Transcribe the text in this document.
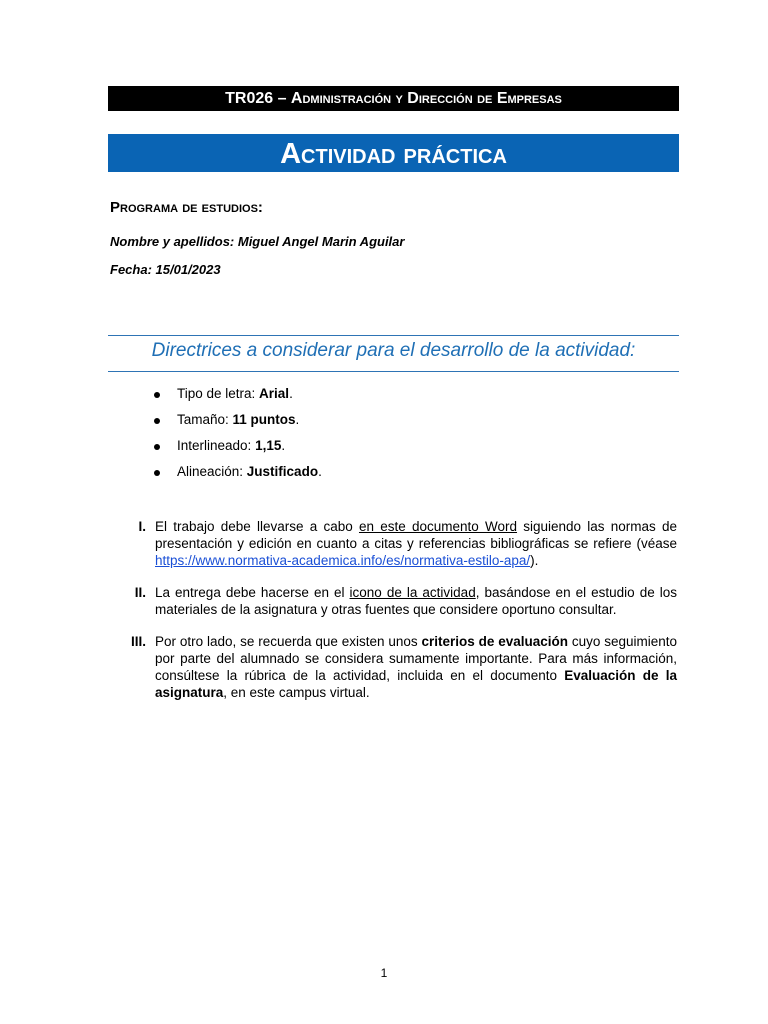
TR026 – Administración y Dirección de Empresas
Actividad práctica
Programa de estudios:
Nombre y apellidos: Miguel Angel Marin Aguilar
Fecha: 15/01/2023
Directrices a considerar para el desarrollo de la actividad:
Tipo de letra: Arial.
Tamaño: 11 puntos.
Interlineado: 1,15.
Alineación: Justificado.
I. El trabajo debe llevarse a cabo en este documento Word siguiendo las normas de presentación y edición en cuanto a citas y referencias bibliográficas se refiere (véase https://www.normativa-academica.info/es/normativa-estilo-apa/).
II. La entrega debe hacerse en el icono de la actividad, basándose en el estudio de los materiales de la asignatura y otras fuentes que considere oportuno consultar.
III. Por otro lado, se recuerda que existen unos criterios de evaluación cuyo seguimiento por parte del alumnado se considera sumamente importante. Para más información, consúltese la rúbrica de la actividad, incluida en el documento Evaluación de la asignatura, en este campus virtual.
1
